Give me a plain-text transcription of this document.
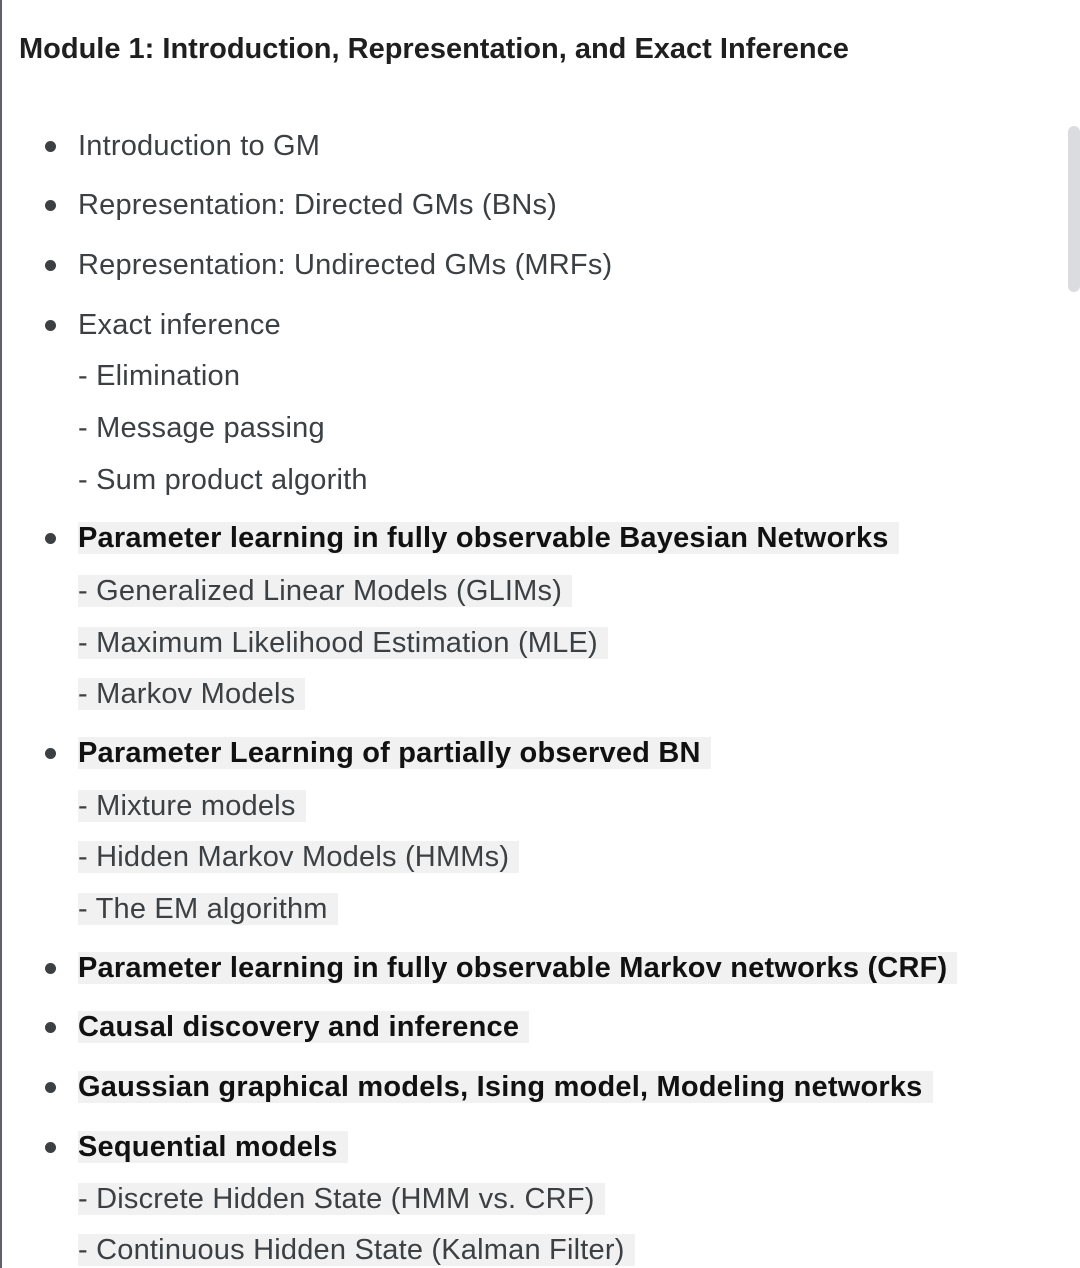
Module 1: Introduction, Representation, and Exact Inference
Introduction to GM
Representation: Directed GMs (BNs)
Representation: Undirected GMs (MRFs)
Exact inference
- Elimination
- Message passing
- Sum product algorith
Parameter learning in fully observable Bayesian Networks
- Generalized Linear Models (GLIMs)
- Maximum Likelihood Estimation (MLE)
- Markov Models
Parameter Learning of partially observed BN
- Mixture models
- Hidden Markov Models (HMMs)
- The EM algorithm
Parameter learning in fully observable Markov networks (CRF)
Causal discovery and inference
Gaussian graphical models, Ising model, Modeling networks
Sequential models
- Discrete Hidden State (HMM vs. CRF)
- Continuous Hidden State (Kalman Filter)
